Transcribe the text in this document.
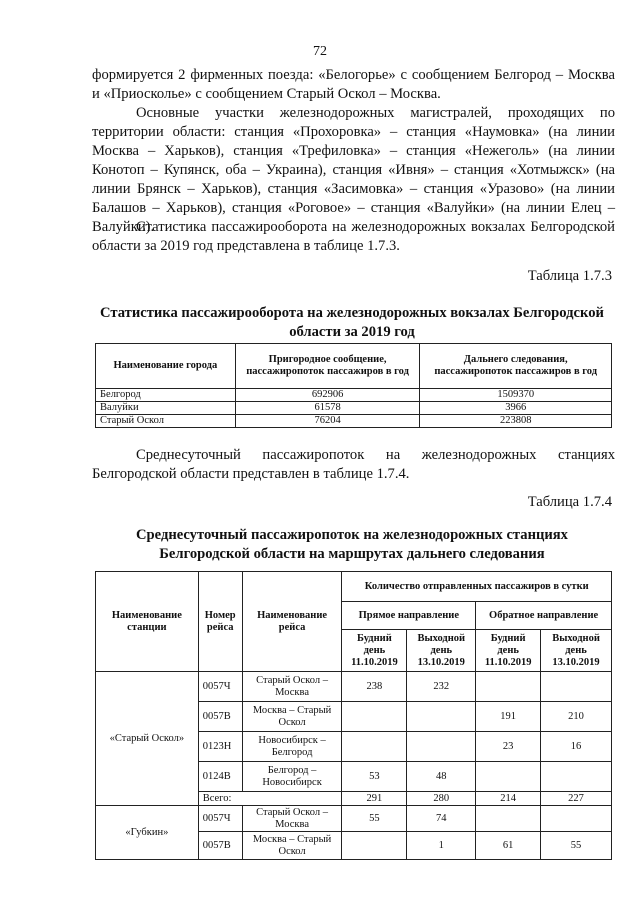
72
формируется 2 фирменных поезда: «Белогорье» с сообщением Белгород – Москва и «Приосколье» с сообщением Старый Оскол – Москва.
Основные участки железнодорожных магистралей, проходящих по территории области: станция «Прохоровка» – станция «Наумовка» (на линии Москва – Харьков), станция «Трефиловка» – станция «Нежеголь» (на линии Конотоп – Купянск, оба – Украина), станция «Ивня» – станция «Хотмыжск» (на линии Брянск – Харьков), станция «Засимовка» – станция «Уразово» (на линии Балашов – Харьков), станция «Роговое» – станция «Валуйки» (на линии Елец – Валуйки).
Статистика пассажирооборота на железнодорожных вокзалах Белгородской области за 2019 год представлена в таблице 1.7.3.
Таблица 1.7.3
Статистика пассажирооборота на железнодорожных вокзалах Белгородской области за 2019 год
Наименование города	Пригородное сообщение, пассажиропоток пассажиров в год	Дальнего следования, пассажиропоток пассажиров в год
Белгород	692906	1509370
Валуйки	61578	3966
Старый Оскол	76204	223808
Среднесуточный пассажиропоток на железнодорожных станциях Белгородской области представлен в таблице 1.7.4.
Таблица 1.7.4
Среднесуточный пассажиропоток на железнодорожных станциях Белгородской области на маршрутах дальнего следования
Наименование станции	Номер рейса	Наименование рейса	Количество отправленных пассажиров в сутки			
			Прямое направление		Обратное направление	
			Будний день 11.10.2019	Выходной день 13.10.2019	Будний день 11.10.2019	Выходной день 13.10.2019
«Старый Оскол»	0057Ч	Старый Оскол – Москва	238	232		
	0057В	Москва – Старый Оскол			191	210
	0123Н	Новосибирск – Белгород			23	16
	0124В	Белгород – Новосибирск	53	48		
	Всего:		291	280	214	227
«Губкин»	0057Ч	Старый Оскол – Москва	55	74		
	0057В	Москва – Старый Оскол		1	61	55
